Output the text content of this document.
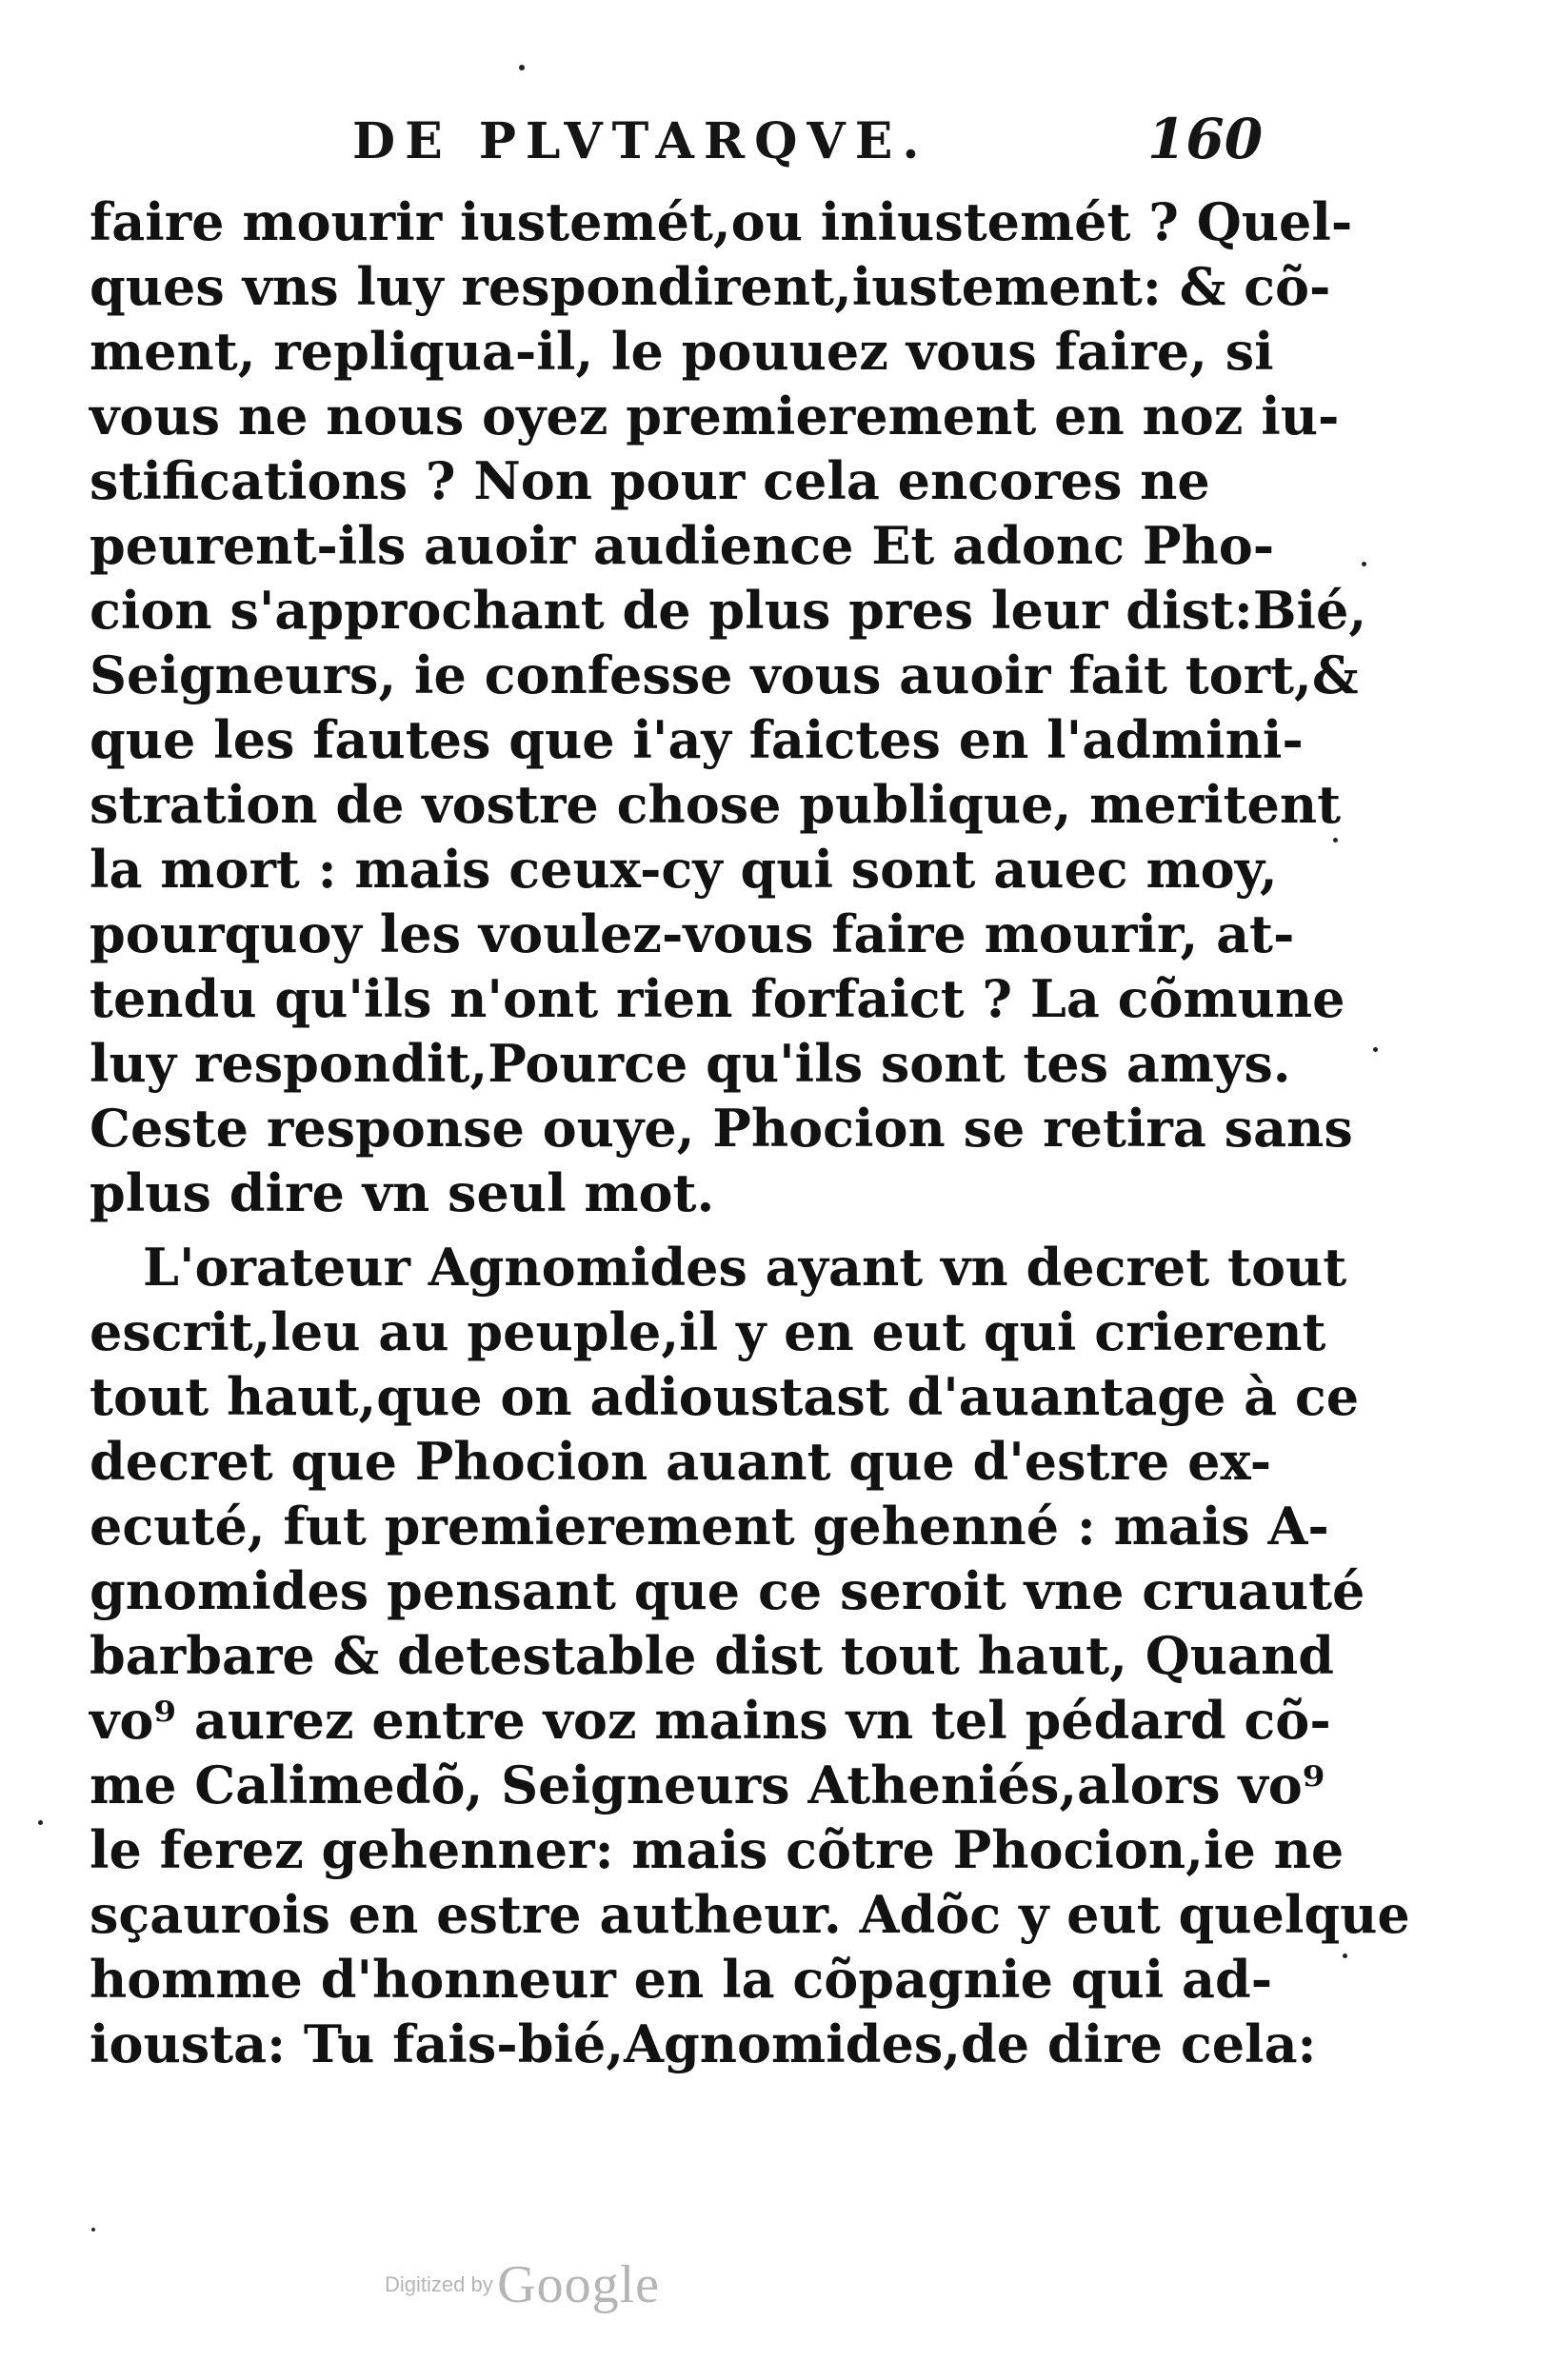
DE PLVTARQVE.	160
faire mourir iustemét,ou iniustemét ? Quel-
ques vns luy respondirent,iustement: & cõ-
ment, repliqua-il, le pouuez vous faire, si
vous ne nous oyez premierement en noz iu-
stifications ? Non pour cela encores ne
peurent-ils auoir audience Et adonc Pho-
cion s'approchant de plus pres leur dist:Bié,
Seigneurs, ie confesse vous auoir fait tort,&
que les fautes que i'ay faictes en l'admini-
stration de vostre chose publique, meritent
la mort : mais ceux-cy qui sont auec moy,
pourquoy les voulez-vous faire mourir, at-
tendu qu'ils n'ont rien forfaict ? La cõmune
luy respondit,Pource qu'ils sont tes amys.
Ceste response ouye, Phocion se retira sans
plus dire vn seul mot.
L'orateur Agnomides ayant vn decret tout
escrit,leu au peuple,il y en eut qui crierent
tout haut,que on adioustast d'auantage à ce
decret que Phocion auant que d'estre ex-
ecuté, fut premierement gehenné : mais A-
gnomides pensant que ce seroit vne cruauté
barbare & detestable dist tout haut, Quand
vo⁹ aurez entre voz mains vn tel pédard cõ-
me Calimedõ, Seigneurs Atheniés,alors vo⁹
le ferez gehenner: mais cõtre Phocion,ie ne
sçaurois en estre autheur. Adõc y eut quelque
homme d'honneur en la cõpagnie qui ad-
iousta: Tu fais-bié,Agnomides,de dire cela:
Digitized by Google
